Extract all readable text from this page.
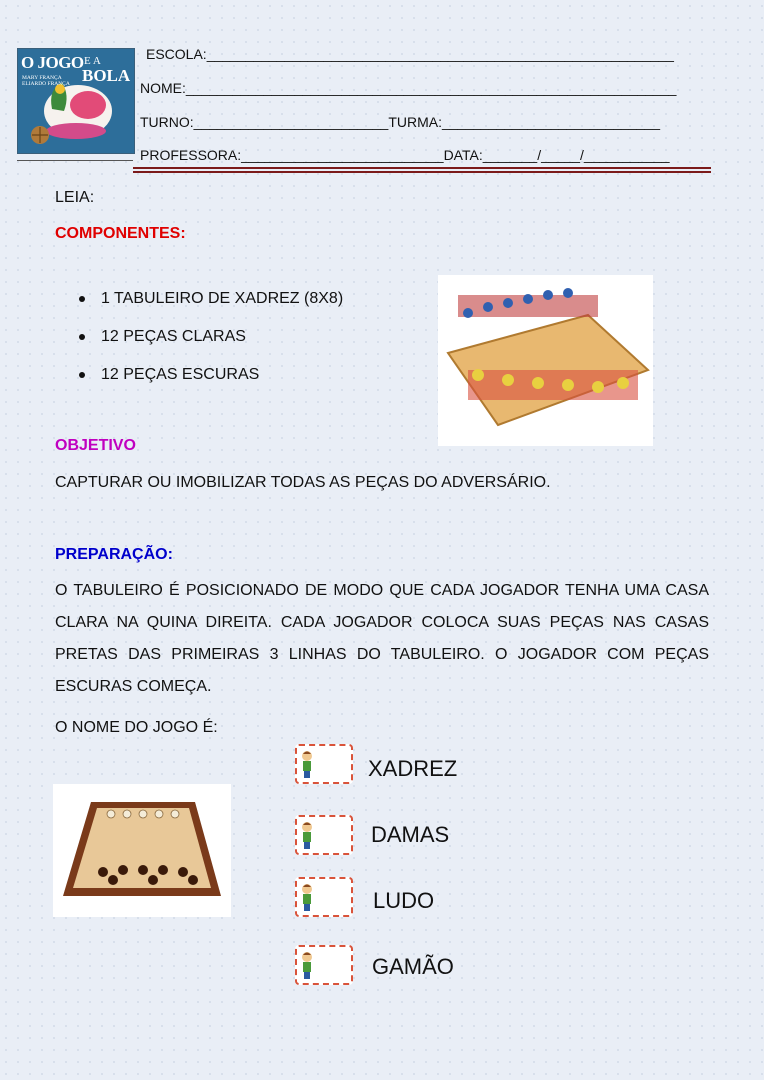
O JOGO E A
BOLA
MARY FRANÇA
ELIARDO FRANÇA
ESCOLA:____________________________________________________________
NOME:_______________________________________________________________
TURNO:_________________________TURMA:____________________________
PROFESSORA:__________________________DATA:_______/_____/___________
LEIA:
COMPONENTES:
1 TABULEIRO DE XADREZ (8X8)
12 PEÇAS CLARAS
12 PEÇAS ESCURAS
OBJETIVO
CAPTURAR OU IMOBILIZAR TODAS AS PEÇAS DO ADVERSÁRIO.
PREPARAÇÃO:
O TABULEIRO É POSICIONADO DE MODO QUE CADA JOGADOR TENHA UMA CASA CLARA NA QUINA DIREITA. CADA JOGADOR COLOCA SUAS PEÇAS NAS CASAS PRETAS DAS PRIMEIRAS 3 LINHAS DO TABULEIRO. O JOGADOR COM PEÇAS ESCURAS COMEÇA.
O NOME DO JOGO É:
XADREZ
DAMAS
LUDO
GAMÃO
